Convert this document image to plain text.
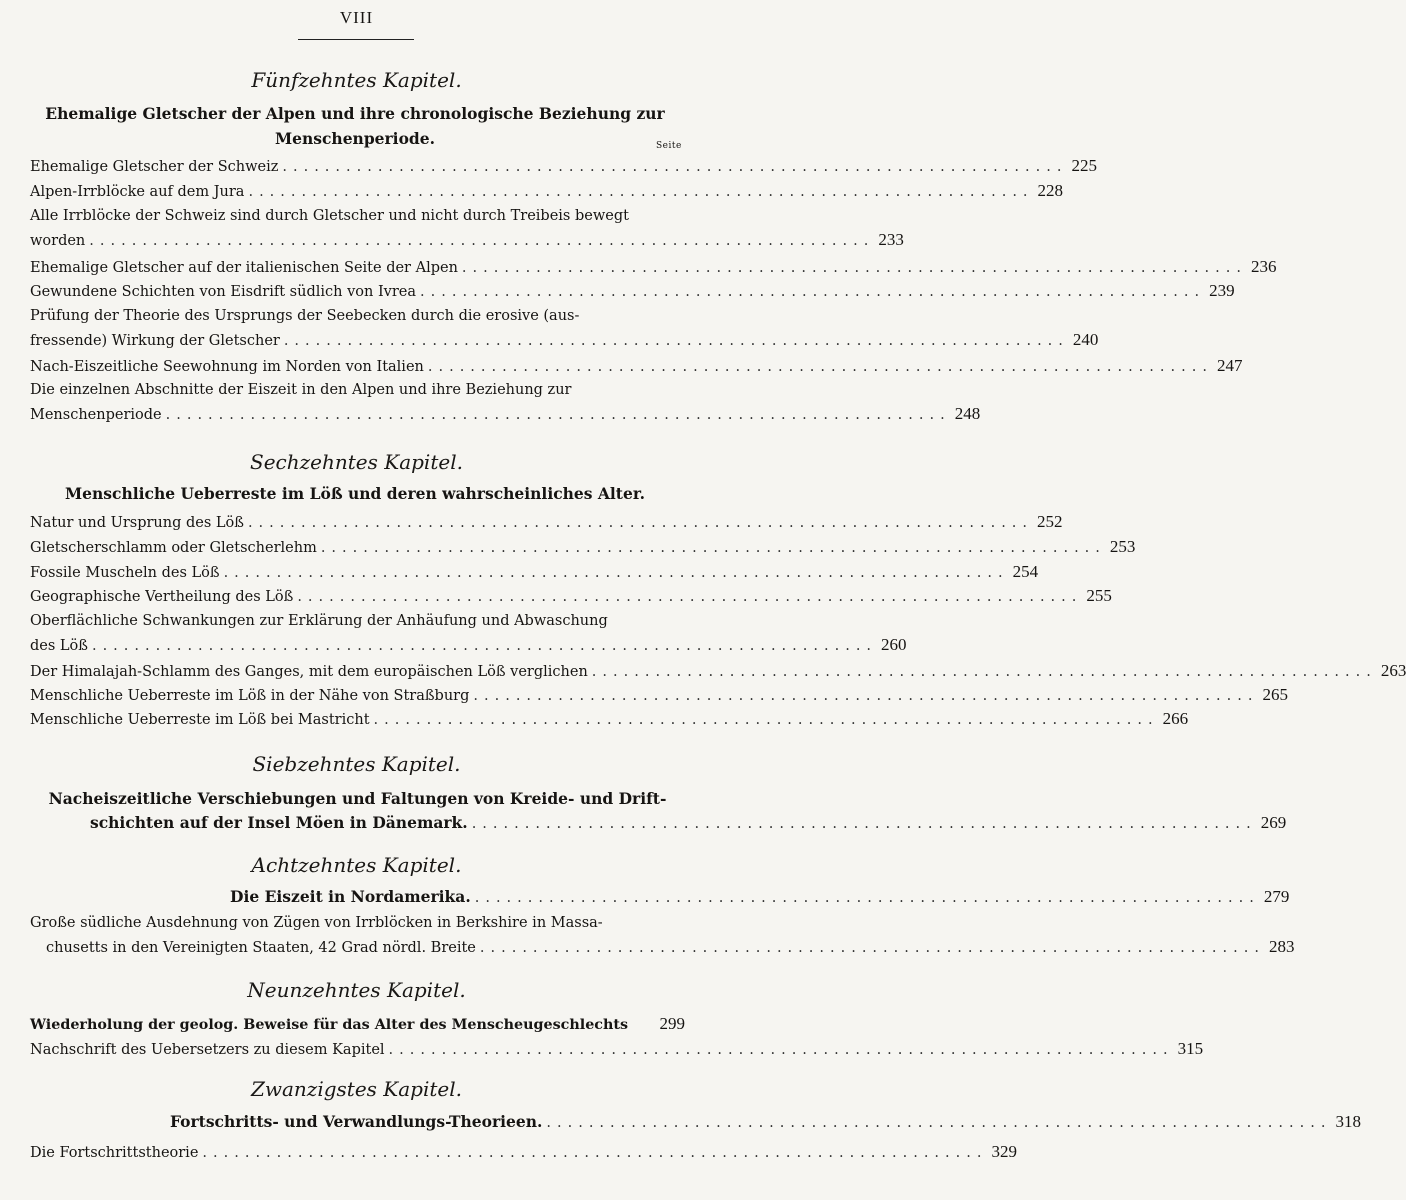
VIII
Fünfzehntes Kapitel.
Ehemalige Gletscher der Alpen und ihre chronologische Beziehung zur
Menschenperiode.	Seite
Ehemalige Gletscher der Schweiz .......................................................................... 225
Alpen-Irrblöcke auf dem Jura .......................................................................... 228
Alle Irrblöcke der Schweiz sind durch Gletscher und nicht durch Treibeis bewegt
worden .......................................................................... 233
Ehemalige Gletscher auf der italienischen Seite der Alpen .......................................................................... 236
Gewundene Schichten von Eisdrift südlich von Ivrea .......................................................................... 239
Prüfung der Theorie des Ursprungs der Seebecken durch die erosive (aus-
fressende) Wirkung der Gletscher .......................................................................... 240
Nach-Eiszeitliche Seewohnung im Norden von Italien .......................................................................... 247
Die einzelnen Abschnitte der Eiszeit in den Alpen und ihre Beziehung zur
Menschenperiode .......................................................................... 248
Sechzehntes Kapitel.
Menschliche Ueberreste im Löß und deren wahrscheinliches Alter.
Natur und Ursprung des Löß .......................................................................... 252
Gletscherschlamm oder Gletscherlehm .......................................................................... 253
Fossile Muscheln des Löß .......................................................................... 254
Geographische Vertheilung des Löß .......................................................................... 255
Oberflächliche Schwankungen zur Erklärung der Anhäufung und Abwaschung
des Löß .......................................................................... 260
Der Himalajah-Schlamm des Ganges, mit dem europäischen Löß verglichen .......................................................................... 263
Menschliche Ueberreste im Löß in der Nähe von Straßburg .......................................................................... 265
Menschliche Ueberreste im Löß bei Mastricht .......................................................................... 266
Siebzehntes Kapitel.
Nacheiszeitliche Verschiebungen und Faltungen von Kreide- und Drift-
schichten auf der Insel Möen in Dänemark. .......................................................................... 269
Achtzehntes Kapitel.
Die Eiszeit in Nordamerika. .......................................................................... 279
Große südliche Ausdehnung von Zügen von Irrblöcken in Berkshire in Massa-
chusetts in den Vereinigten Staaten, 42 Grad nördl. Breite .......................................................................... 283
Neunzehntes Kapitel.
Wiederholung der geolog. Beweise für das Alter des Menscheugeschlechts	299
Nachschrift des Uebersetzers zu diesem Kapitel .......................................................................... 315
Zwanzigstes Kapitel.
Fortschritts- und Verwandlungs-Theorieen. .......................................................................... 318
Die Fortschrittstheorie .......................................................................... 329
